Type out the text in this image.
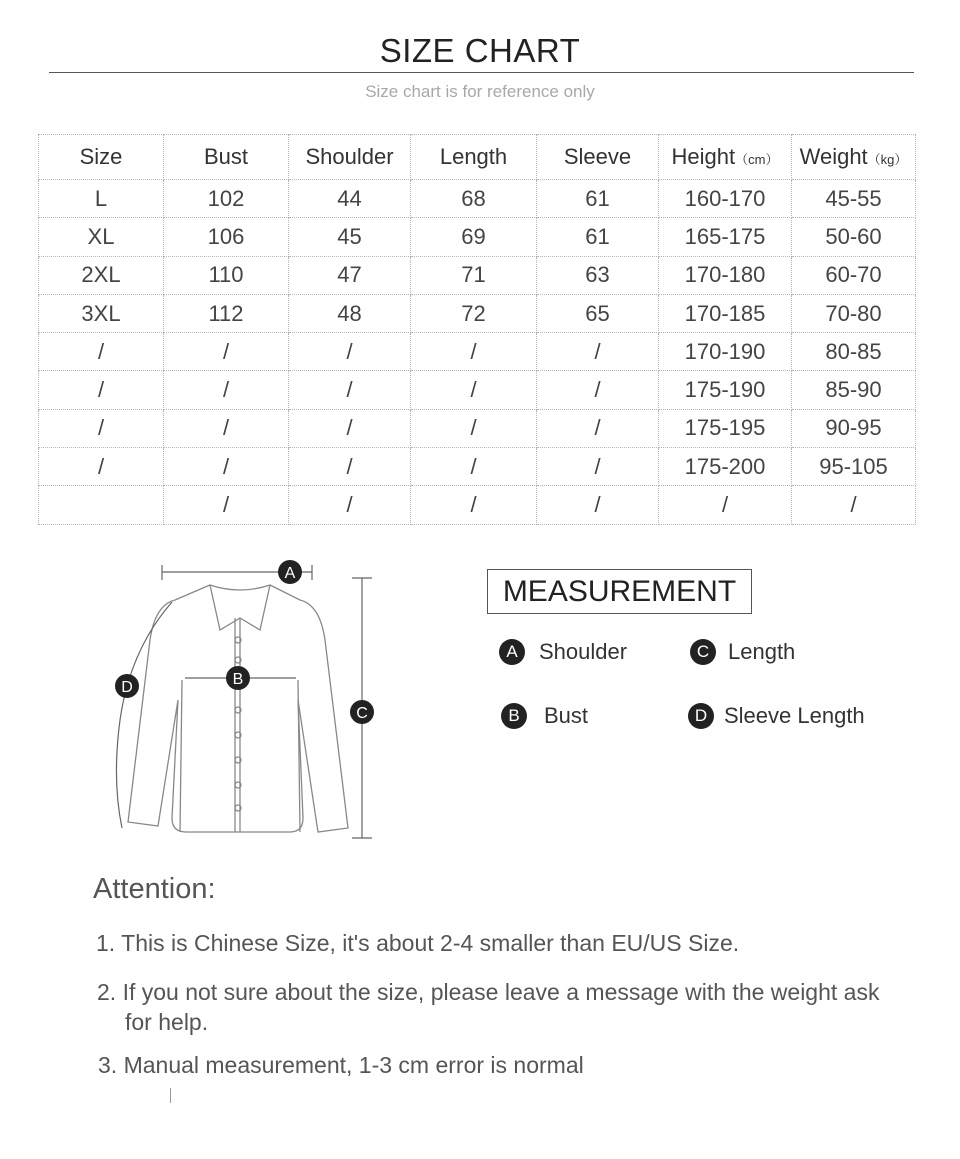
SIZE CHART
Size chart is for reference only
Size	Bust	Shoulder	Length	Sleeve	Height（cm）	Weight（kg）
L	102	44	68	61	160-170	45-55
XL	106	45	69	61	165-175	50-60
2XL	110	47	71	63	170-180	60-70
3XL	112	48	72	65	170-185	70-80
/	/	/	/	/	170-190	80-85
/	/	/	/	/	175-190	85-90
/	/	/	/	/	175-195	90-95
/	/	/	/	/	175-200	95-105
	/	/	/	/	/	/
A
B
C
D
MEASUREMENT
A Shoulder	C Length
B	Bust	D Sleeve Length
Attention:
1. This is Chinese Size, it's about 2-4 smaller than EU/US Size.
2. If you not sure about the size, please leave a message with the weight ask for help.
3. Manual measurement, 1-3 cm error is normal
